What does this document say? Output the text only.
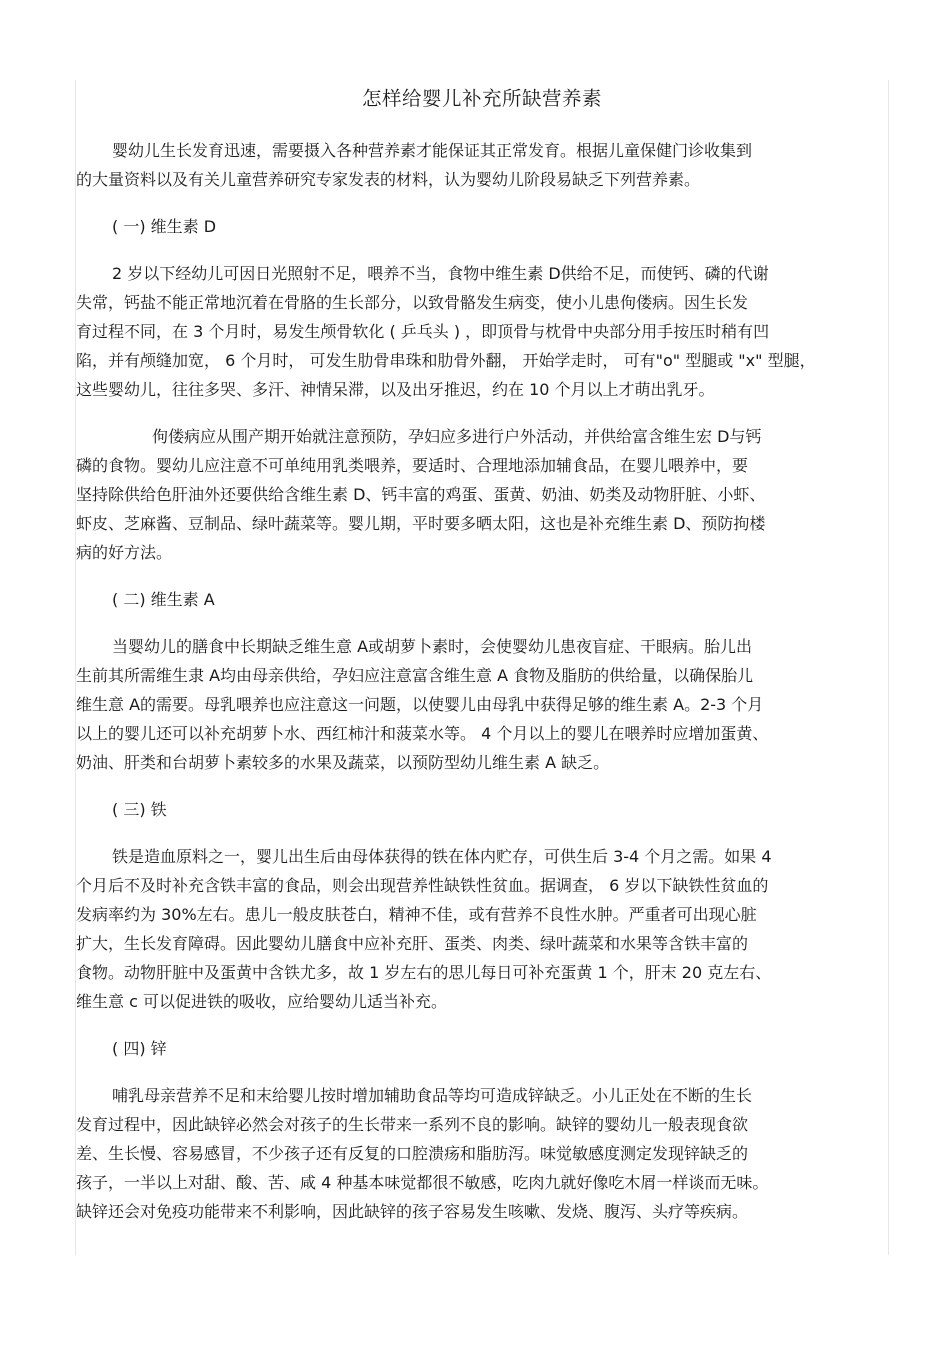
怎样给婴儿补充所缺营养素
婴幼儿生长发育迅速，需要摄入各种营养素才能保证其正常发育。根据儿童保健门诊收集到
的大量资料以及有关儿童营养研究专家发表的材料，认为婴幼儿阶段易缺乏下列营养素。
( 一) 维生素 D
2 岁以下经幼儿可因日光照射不足，喂养不当，食物中维生素 D供给不足，而使钙、磷的代谢
失常，钙盐不能正常地沉着在骨胳的生长部分，以致骨骼发生病变，使小儿患佝偻病。因生长发
育过程不同，在 3 个月时，易发生颅骨软化 ( 乒乓头 ) ，即顶骨与枕骨中央部分用手按压时稍有凹
陷，并有颅缝加宽， 6 个月时， 可发生肋骨串珠和肋骨外翻， 开始学走时， 可有"o" 型腿或 "x" 型腿，
这些婴幼儿，往往多哭、多汗、神情呆滞，以及出牙推迟，约在 10 个月以上才萌出乳牙。
佝偻病应从围产期开始就注意预防，孕妇应多进行户外活动，并供给富含维生宏 D与钙
磷的食物。婴幼儿应注意不可单纯用乳类喂养，要适时、合理地添加辅食品，在婴儿喂养中，要
坚持除供给色肝油外还要供给含维生素 D、钙丰富的鸡蛋、蛋黄、奶油、奶类及动物肝脏、小虾、
虾皮、芝麻酱、豆制品、绿叶蔬菜等。婴儿期，平时要多晒太阳，这也是补充维生素 D、预防拘楼
病的好方法。
( 二) 维生素 A
当婴幼儿的膳食中长期缺乏维生意 A或胡萝卜素时，会使婴幼儿患夜盲症、干眼病。胎儿出
生前其所需维生隶 A均由母亲供给，孕妇应注意富含维生意 A 食物及脂肪的供给量，以确保胎儿
维生意 A的需要。母乳喂养也应注意这一问题，以使婴儿由母乳中获得足够的维生素 A。2-3 个月
以上的婴儿还可以补充胡萝卜水、西红柿汁和菠菜水等。 4 个月以上的婴儿在喂养时应增加蛋黄、
奶油、肝类和台胡萝卜素较多的水果及蔬菜，以预防型幼儿维生素 A 缺乏。
( 三) 铁
铁是造血原料之一，婴儿出生后由母体获得的铁在体内贮存，可供生后 3-4 个月之需。如果 4
个月后不及时补充含铁丰富的食品，则会出现营养性缺铁性贫血。据调查， 6 岁以下缺铁性贫血的
发病率约为 30%左右。患儿一般皮肤苍白，精神不佳，或有营养不良性水肿。严重者可出现心脏
扩大，生长发育障碍。因此婴幼儿膳食中应补充肝、蛋类、肉类、绿叶蔬菜和水果等含铁丰富的
食物。动物肝脏中及蛋黄中含铁尤多，故 1 岁左右的思儿每日可补充蛋黄 1 个，肝末 20 克左右、
维生意 c 可以促进铁的吸收，应给婴幼儿适当补充。
( 四) 锌
哺乳母亲营养不足和末给婴儿按时增加辅助食品等均可造成锌缺乏。小儿正处在不断的生长
发育过程中，因此缺锌必然会对孩子的生长带来一系列不良的影响。缺锌的婴幼儿一般表现食欲
差、生长慢、容易感冒，不少孩子还有反复的口腔溃疡和脂肪泻。味觉敏感度测定发现锌缺乏的
孩子，一半以上对甜、酸、苦、咸 4 种基本味觉都很不敏感，吃肉九就好像吃木屑一样谈而无味。
缺锌还会对免疫功能带来不利影响，因此缺锌的孩子容易发生咳嗽、发烧、腹泻、头疗等疾病。
